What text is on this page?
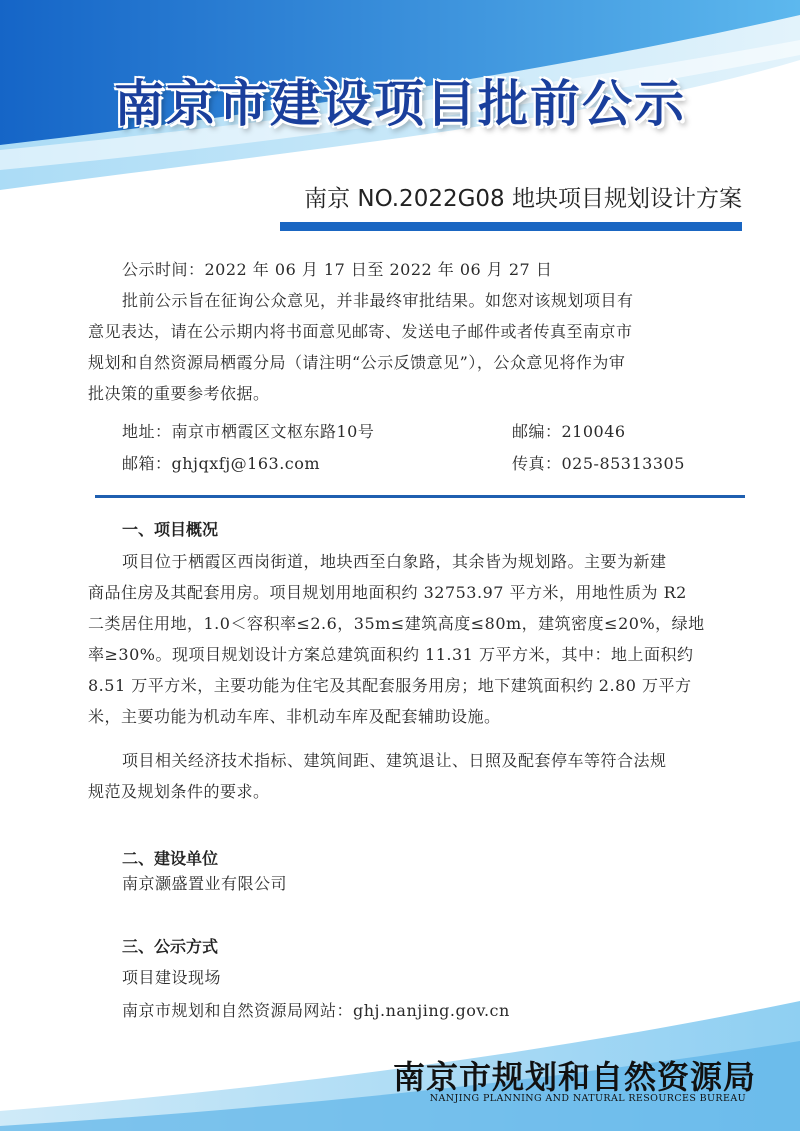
南京市建设项目批前公示
南京 NO.2022G08 地块项目规划设计方案
公示时间：2022 年 06 月 17 日至 2022 年 06 月 27 日
批前公示旨在征询公众意见，并非最终审批结果。如您对该规划项目有
意见表达，请在公示期内将书面意见邮寄、发送电子邮件或者传真至南京市
规划和自然资源局栖霞分局（请注明“公示反馈意见”），公众意见将作为审
批决策的重要参考依据。
地址：南京市栖霞区文枢东路10号	邮编：210046
邮箱：ghjqxfj@163.com	传真：025-85313305
一、项目概况
项目位于栖霞区西岗街道，地块西至白象路，其余皆为规划路。主要为新建
商品住房及其配套用房。项目规划用地面积约 32753.97 平方米，用地性质为 R2
二类居住用地，1.0＜容积率≤2.6，35m≤建筑高度≤80m，建筑密度≤20%，绿地
率≥30%。现项目规划设计方案总建筑面积约 11.31 万平方米，其中：地上面积约
8.51 万平方米，主要功能为住宅及其配套服务用房；地下建筑面积约 2.80 万平方
米，主要功能为机动车库、非机动车库及配套辅助设施。
项目相关经济技术指标、建筑间距、建筑退让、日照及配套停车等符合法规
规范及规划条件的要求。
二、建设单位
南京灏盛置业有限公司
三、公示方式
项目建设现场
南京市规划和自然资源局网站：ghj.nanjing.gov.cn
南京市规划和自然资源局
NANJING PLANNING AND NATURAL RESOURCES BUREAU
